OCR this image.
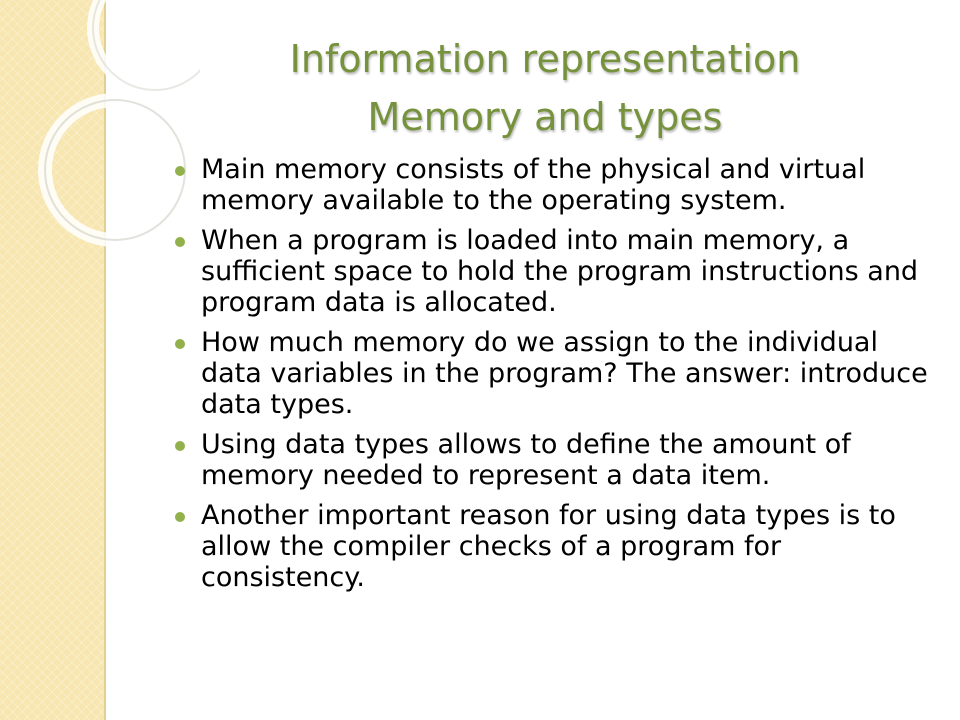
Information representation
Memory and types
Main memory consists of the physical and virtual memory available to the operating system.
When a program is loaded into main memory, a sufficient space to hold the program instructions and program data is allocated.
How much memory do we assign to the individual data variables in the program? The answer: introduce data types.
Using data types allows to define the amount of memory needed to represent a data item.
Another important reason for using data types is to allow the compiler checks of a program for consistency.
